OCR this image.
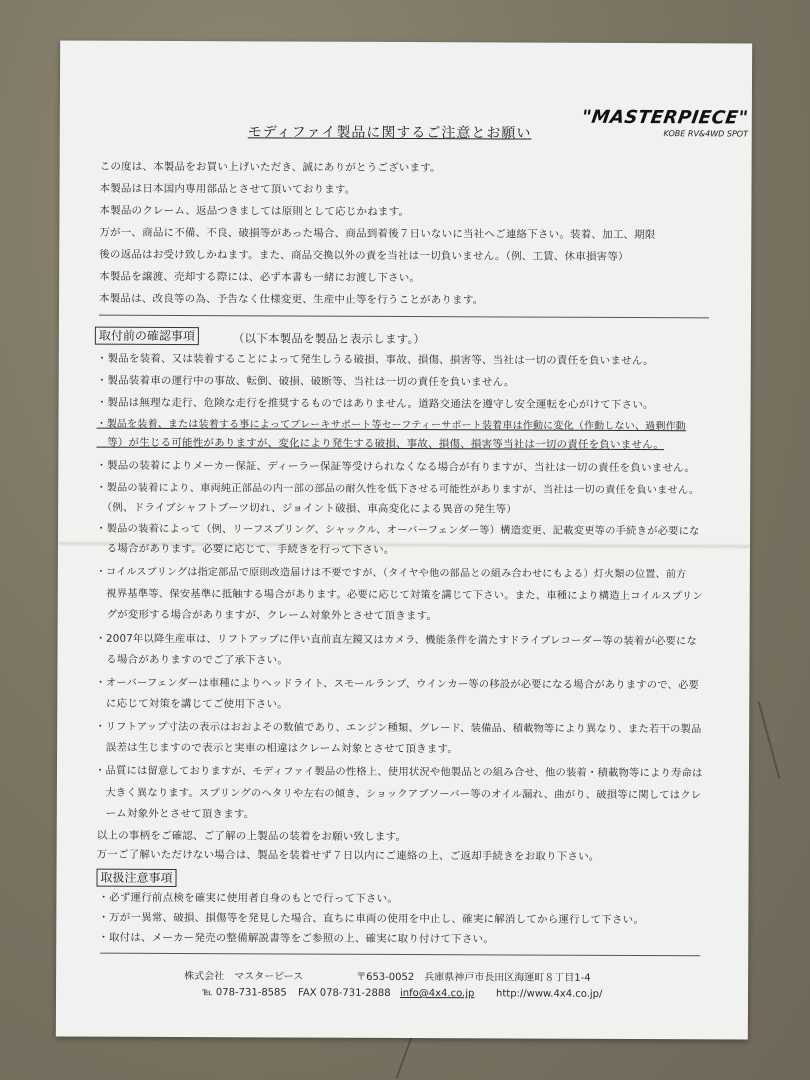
"MASTERPIECE"
KOBE RV&4WD SPOT
モディファイ製品に関するご注意とお願い
この度は、本製品をお買い上げいただき、誠にありがとうございます。
本製品は日本国内専用部品とさせて頂いております。
本製品のクレーム、返品つきましては原則として応じかねます。
万が一、商品に不備、不良、破損等があった場合、商品到着後７日いないに当社へご連絡下さい。装着、加工、期限
後の返品はお受け致しかねます。また、商品交換以外の責を当社は一切負いません。（例、工賃、休車損害等）
本製品を譲渡、売却する際には、必ず本書も一緒にお渡し下さい。
本製品は、改良等の為、予告なく仕様変更、生産中止等を行うことがあります。
取付前の確認事項	（以下本製品を製品と表示します。）
・製品を装着、又は装着することによって発生しうる破損、事故、損傷、損害等、当社は一切の責任を負いません。
・製品装着車の運行中の事故、転倒、破損、破断等、当社は一切の責任を負いません。
・製品は無理な走行、危険な走行を推奨するものではありません。道路交通法を遵守し安全運転を心がけて下さい。
・製品を装着、または装着する事によってブレーキサポート等セーフティーサポート装着車は作動に変化（作動しない、過剰作動
　等）が生じる可能性がありますが、変化により発生する破損、事故、損傷、損害等当社は一切の責任を負いません。
・製品の装着によりメーカー保証、ディーラー保証等受けられなくなる場合が有りますが、当社は一切の責任を負いません。
・製品の装着により、車両純正部品の内一部の部品の耐久性を低下させる可能性がありますが、当社は一切の責任を負いません。
　（例、ドライブシャフトブーツ切れ、ジョイント破損、車高変化による異音の発生等）
・製品の装着によって（例、リーフスプリング、シャックル、オーバーフェンダー等）構造変更、記載変更等の手続きが必要にな
　る場合があります。必要に応じて、手続きを行って下さい。
・コイルスプリングは指定部品で原則改造届けは不要ですが、（タイヤや他の部品との組み合わせにもよる）灯火類の位置、前方
　視界基準等、保安基準に抵触する場合があります。必要に応じて対策を講じて下さい。また、車種により構造上コイルスプリン
　グが変形する場合がありますが、クレーム対象外とさせて頂きます。
・2007年以降生産車は、リフトアップに伴い直前直左鏡又はカメラ、機能条件を満たすドライブレコーダー等の装着が必要にな
　る場合がありますのでご了承下さい。
・オーバーフェンダーは車種によりヘッドライト、スモールランプ、ウインカー等の移設が必要になる場合がありますので、必要
　に応じて対策を講じてご使用下さい。
・リフトアップ寸法の表示はおおよその数値であり、エンジン種類、グレード、装備品、積載物等により異なり、また若干の製品
　誤差は生じますので表示と実車の相違はクレーム対象とさせて頂きます。
・品質には留意しておりますが、モディファイ製品の性格上、使用状況や他製品との組み合せ、他の装着・積載物等により寿命は
　大きく異なります。スプリングのヘタリや左右の傾き、ショックアブソーバー等のオイル漏れ、曲がり、破損等に関してはクレ
　ーム対象外とさせて頂きます。
以上の事柄をご確認、ご了解の上製品の装着をお願い致します。
万一ご了解いただけない場合は、製品を装着せず７日以内にご連絡の上、ご返却手続きをお取り下さい。
取扱注意事項
・必ず運行前点検を確実に使用者自身のもとで行って下さい。
・万が一異常、破損、損傷等を発見した場合、直ちに車両の使用を中止し、確実に解消してから運行して下さい。
・取付は、メーカー発売の整備解説書等をご参照の上、確実に取り付けて下さい。
株式会社　マスターピース	〒653-0052　兵庫県神戸市長田区海運町８丁目1-4
℡ 078-731-8585 FAX 078-731-2888 info@4x4.co.jp http://www.4x4.co.jp/
